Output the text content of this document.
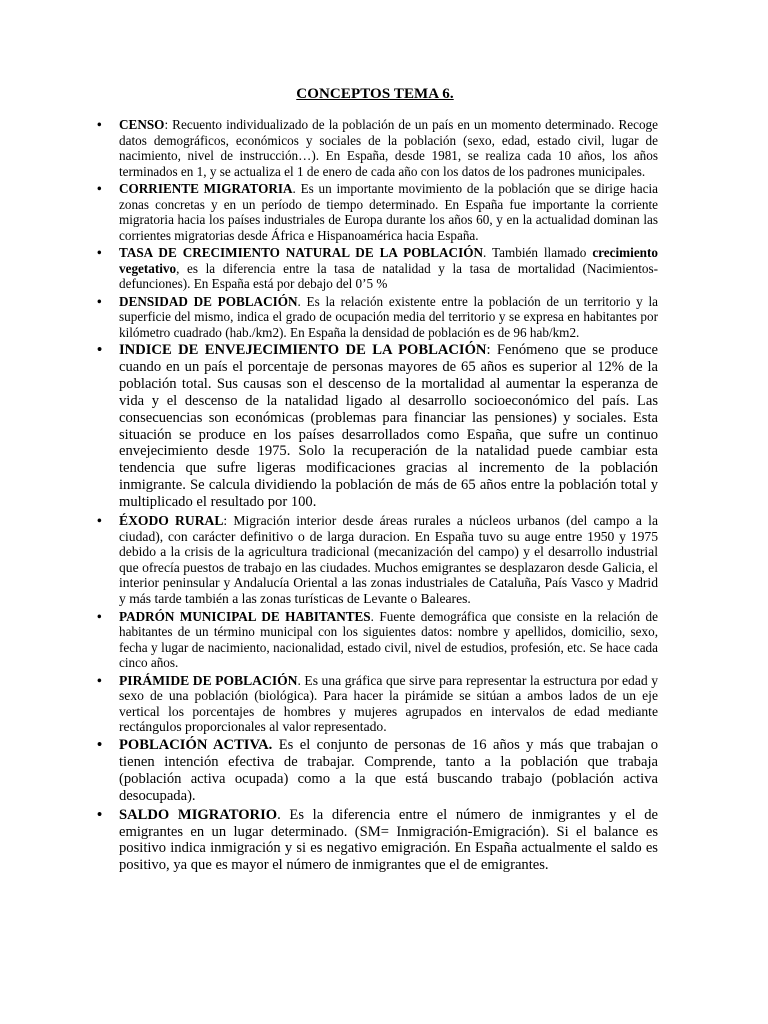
CONCEPTOS TEMA 6.
• CENSO: Recuento individualizado de la población de un país en un momento determinado. Recoge datos demográficos, económicos y sociales de la población (sexo, edad, estado civil, lugar de nacimiento, nivel de instrucción…). En España, desde 1981, se realiza cada 10 años, los años terminados en 1, y se actualiza el 1 de enero de cada año con los datos de los padrones municipales.
• CORRIENTE MIGRATORIA. Es un importante movimiento de la población que se dirige hacia zonas concretas y en un período de tiempo determinado. En España fue importante la corriente migratoria hacia los países industriales de Europa durante los años 60, y en la actualidad dominan las corrientes migratorias desde África e Hispanoamérica hacia España.
• TASA DE CRECIMIENTO NATURAL DE LA POBLACIÓN. También llamado crecimiento vegetativo, es la diferencia entre la tasa de natalidad y la tasa de mortalidad (Nacimientos-defunciones). En España está por debajo del 0’5 %
• DENSIDAD DE POBLACIÓN. Es la relación existente entre la población de un territorio y la superficie del mismo, indica el grado de ocupación media del territorio y se expresa en habitantes por kilómetro cuadrado (hab./km2). En España la densidad de población es de 96 hab/km2.
• INDICE DE ENVEJECIMIENTO DE LA POBLACIÓN: Fenómeno que se produce cuando en un país el porcentaje de personas mayores de 65 años es superior al 12% de la población total. Sus causas son el descenso de la mortalidad al aumentar la esperanza de vida y el descenso de la natalidad ligado al desarrollo socioeconómico del país. Las consecuencias son económicas (problemas para financiar las pensiones) y sociales. Esta situación se produce en los países desarrollados como España, que sufre un continuo envejecimiento desde 1975. Solo la recuperación de la natalidad puede cambiar esta tendencia que sufre ligeras modificaciones gracias al incremento de la población inmigrante. Se calcula dividiendo la población de más de 65 años entre la población total y multiplicado el resultado por 100.
• ÉXODO RURAL: Migración interior desde áreas rurales a núcleos urbanos (del campo a la ciudad), con carácter definitivo o de larga duracion. En España tuvo su auge entre 1950 y 1975 debido a la crisis de la agricultura tradicional (mecanización del campo) y el desarrollo industrial que ofrecía puestos de trabajo en las ciudades. Muchos emigrantes se desplazaron desde Galicia, el interior peninsular y Andalucía Oriental a las zonas industriales de Cataluña, País Vasco y Madrid y más tarde también a las zonas turísticas de Levante o Baleares.
• PADRÓN MUNICIPAL DE HABITANTES. Fuente demográfica que consiste en la relación de habitantes de un término municipal con los siguientes datos: nombre y apellidos, domicilio, sexo, fecha y lugar de nacimiento, nacionalidad, estado civil, nivel de estudios, profesión, etc. Se hace cada cinco años.
• PIRÁMIDE DE POBLACIÓN. Es una gráfica que sirve para representar la estructura por edad y sexo de una población (biológica). Para hacer la pirámide se sitúan a ambos lados de un eje vertical los porcentajes de hombres y mujeres agrupados en intervalos de edad mediante rectángulos proporcionales al valor representado.
• POBLACIÓN ACTIVA. Es el conjunto de personas de 16 años y más que trabajan o tienen intención efectiva de trabajar. Comprende, tanto a la población que trabaja (población activa ocupada) como a la que está buscando trabajo (población activa desocupada).
• SALDO MIGRATORIO. Es la diferencia entre el número de inmigrantes y el de emigrantes en un lugar determinado. (SM= Inmigración-Emigración). Si el balance es positivo indica inmigración y si es negativo emigración. En España actualmente el saldo es positivo, ya que es mayor el número de inmigrantes que el de emigrantes.
